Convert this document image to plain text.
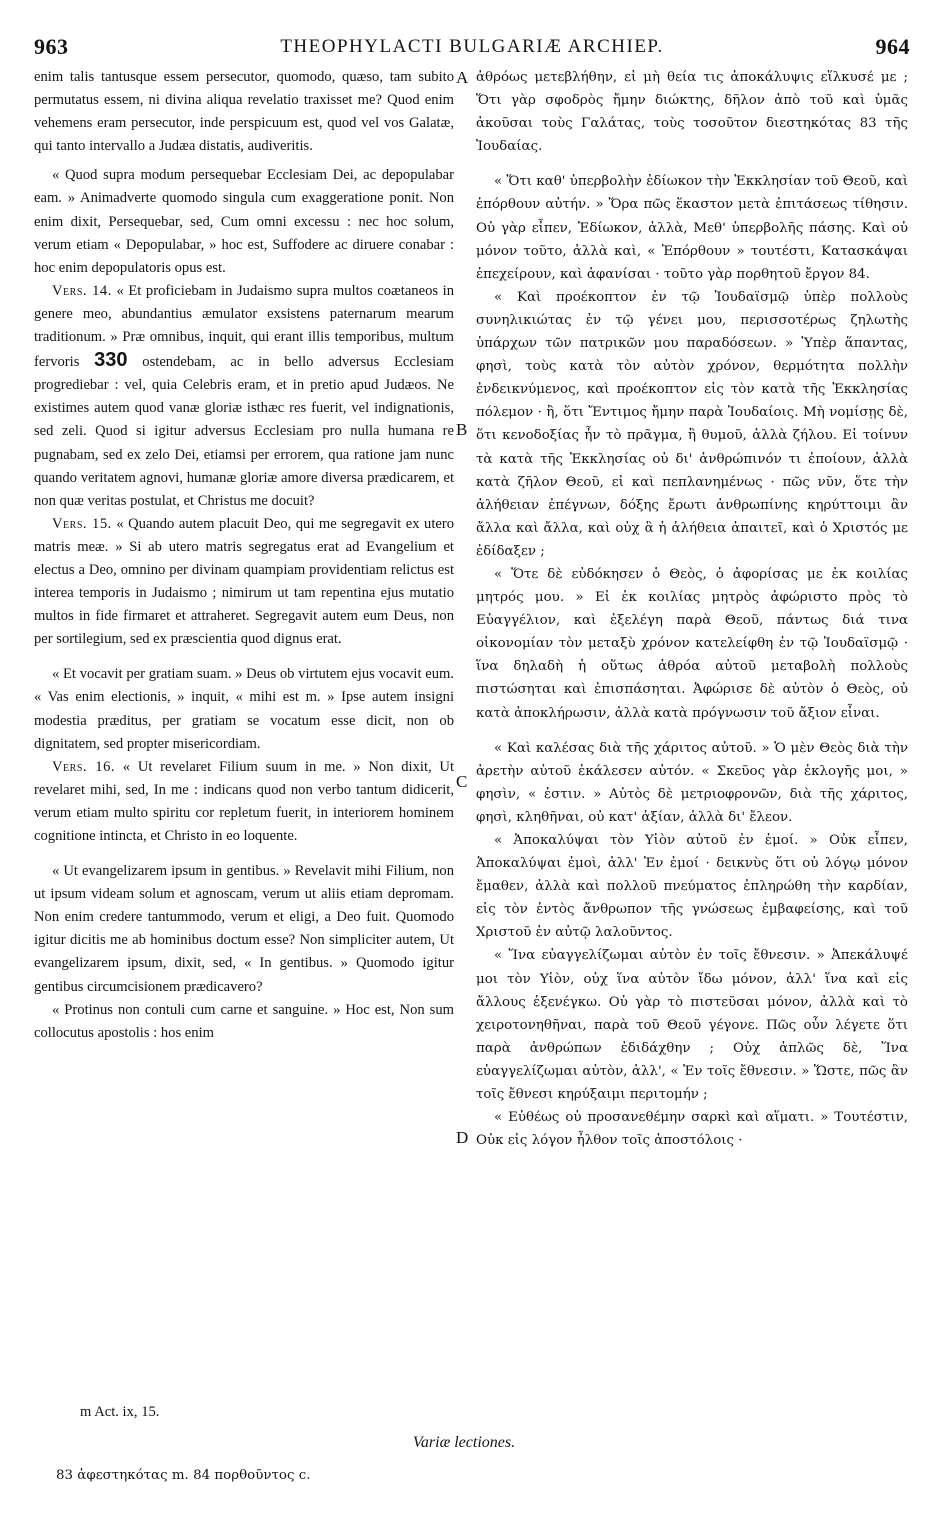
963	THEOPHYLACTI BULGARIÆ ARCHIEP.	964

enim talis tantusque essem persecutor, quomodo, quæso, tam subito permutatus essem, ni divina aliqua revelatio traxisset me? Quod enim vehemens eram persecutor, inde perspicuum est, quod vel vos Galatæ, qui tanto intervallo a Judæa distatis, audiveritis.

« Quod supra modum persequebar Ecclesiam Dei, ac depopulabar eam. » Animadverte quomodo singula cum exaggeratione ponit. Non enim dixit, Persequebar, sed, Cum omni excessu : nec hoc solum, verum etiam « Depopulabar, » hoc est, Suffodere ac diruere conabar : hoc enim depopulatoris opus est.

Vers. 14. « Et proficiebam in Judaismo supra multos coætaneos in genere meo, abundantius æmulator exsistens paternarum mearum traditionum. » Præ omnibus, inquit, qui erant illis temporibus, multum fervoris 330 ostendebam, ac in bello adversus Ecclesiam progrediebar : vel, quia Celebris eram, et in pretio apud Judæos. Ne existimes autem quod vanæ gloriæ isthæc res fuerit, vel indignationis, sed zeli. Quod si igitur adversus Ecclesiam pro nulla humana re pugnabam, sed ex zelo Dei, etiamsi per errorem, qua ratione jam nunc quando veritatem agnovi, humanæ gloriæ amore diversa prædicarem, et non quæ veritas postulat, et Christus me docuit?

Vers. 15. « Quando autem placuit Deo, qui me segregavit ex utero matris meæ. » Si ab utero matris segregatus erat ad Evangelium et electus a Deo, omnino per divinam quampiam providentiam relictus est interea temporis in Judaismo ; nimirum ut tam repentina ejus mutatio multos in fide firmaret et attraheret. Segregavit autem eum Deus, non per sortilegium, sed ex præscientia quod dignus erat.

« Et vocavit per gratiam suam. » Deus ob virtutem ejus vocavit eum. « Vas enim electionis, » inquit, « mihi est m. » Ipse autem insigni modestia præditus, per gratiam se vocatum esse dicit, non ob dignitatem, sed propter misericordiam.

Vers. 16. « Ut revelaret Filium suum in me. » Non dixit, Ut revelaret mihi, sed, In me : indicans quod non verbo tantum didicerit, verum etiam multo spiritu cor repletum fuerit, in interiorem hominem cognitione intincta, et Christo in eo loquente.

« Ut evangelizarem ipsum in gentibus. » Revelavit mihi Filium, non ut ipsum videam solum et agnoscam, verum ut aliis etiam depromam. Non enim credere tantummodo, verum et eligi, a Deo fuit. Quomodo igitur dicitis me ab hominibus doctum esse? Non simpliciter autem, Ut evangelizarem ipsum, dixit, sed, « In gentibus. » Quomodo igitur gentibus circumcisionem prædicavero?

« Protinus non contuli cum carne et sanguine. » Hoc est, Non sum collocutus apostolis : hos enim

A
B
C
D

ἀθρόως μετεβλήθην, εἰ μὴ θεία τις ἀποκάλυψις εἵλκυσέ με ; Ὅτι γὰρ σφοδρὸς ἤμην διώκτης, δῆλον ἀπὸ τοῦ καὶ ὑμᾶς ἀκοῦσαι τοὺς Γαλάτας, τοὺς τοσοῦτον διεστηκότας 83 τῆς Ἰουδαίας.

« Ὅτι καθ' ὑπερβολὴν ἐδίωκον τὴν Ἐκκλησίαν τοῦ Θεοῦ, καὶ ἐπόρθουν αὐτήν. » Ὅρα πῶς ἕκαστον μετὰ ἐπιτάσεως τίθησιν. Οὐ γὰρ εἶπεν, Ἐδίωκον, ἀλλὰ, Μεθ' ὑπερβολῆς πάσης. Καὶ οὐ μόνον τοῦτο, ἀλλὰ καὶ, « Ἐπόρθουν » τουτέστι, Κατασκάψαι ἐπεχείρουν, καὶ ἀφανίσαι · τοῦτο γὰρ πορθητοῦ ἔργον 84.

« Καὶ προέκοπτον ἐν τῷ Ἰουδαϊσμῷ ὑπὲρ πολλοὺς συνηλικιώτας ἐν τῷ γένει μου, περισσοτέρως ζηλωτὴς ὑπάρχων τῶν πατρικῶν μου παραδόσεων. » Ὑπὲρ ἅπαντας, φησὶ, τοὺς κατὰ τὸν αὐτὸν χρόνον, θερμότητα πολλὴν ἐνδεικνύμενος, καὶ προέκοπτον εἰς τὸν κατὰ τῆς Ἐκκλησίας πόλεμον · ἢ, ὅτι Ἔντιμος ἤμην παρὰ Ἰουδαίοις. Μὴ νομίσῃς δὲ, ὅτι κενοδοξίας ἦν τὸ πρᾶγμα, ἢ θυμοῦ, ἀλλὰ ζήλου. Εἰ τοίνυν τὰ κατὰ τῆς Ἐκκλησίας οὐ δι' ἀνθρώπινόν τι ἐποίουν, ἀλλὰ κατὰ ζῆλον Θεοῦ, εἰ καὶ πεπλανημένως · πῶς νῦν, ὅτε τὴν ἀλήθειαν ἐπέγνων, δόξης ἔρωτι ἀνθρωπίνης κηρύττοιμι ἂν ἄλλα καὶ ἄλλα, καὶ οὐχ ἃ ἡ ἀλήθεια ἀπαιτεῖ, καὶ ὁ Χριστός με ἐδίδαξεν ;

« Ὅτε δὲ εὐδόκησεν ὁ Θεὸς, ὁ ἀφορίσας με ἐκ κοιλίας μητρός μου. » Εἰ ἐκ κοιλίας μητρὸς ἀφώριστο πρὸς τὸ Εὐαγγέλιον, καὶ ἐξελέγη παρὰ Θεοῦ, πάντως διά τινα οἰκονομίαν τὸν μεταξὺ χρόνον κατελείφθη ἐν τῷ Ἰουδαϊσμῷ · ἵνα δηλαδὴ ἡ οὕτως ἀθρόα αὐτοῦ μεταβολὴ πολλοὺς πιστώσηται καὶ ἐπισπάσηται. Ἀφώρισε δὲ αὐτὸν ὁ Θεὸς, οὐ κατὰ ἀποκλήρωσιν, ἀλλὰ κατὰ πρόγνωσιν τοῦ ἄξιον εἶναι.

« Καὶ καλέσας διὰ τῆς χάριτος αὐτοῦ. » Ὁ μὲν Θεὸς διὰ τὴν ἀρετὴν αὐτοῦ ἐκάλεσεν αὐτόν. « Σκεῦος γὰρ ἐκλογῆς μοι, » φησὶν, « ἐστιν. » Αὐτὸς δὲ μετριοφρονῶν, διὰ τῆς χάριτος, φησὶ, κληθῆναι, οὐ κατ' ἀξίαν, ἀλλὰ δι' ἔλεον.

« Ἀποκαλύψαι τὸν Υἱὸν αὐτοῦ ἐν ἐμοί. » Οὐκ εἶπεν, Ἀποκαλύψαι ἐμοὶ, ἀλλ' Ἐν ἐμοί · δεικνὺς ὅτι οὐ λόγῳ μόνον ἔμαθεν, ἀλλὰ καὶ πολλοῦ πνεύματος ἐπληρώθη τὴν καρδίαν, εἰς τὸν ἐντὸς ἄνθρωπον τῆς γνώσεως ἐμβαφείσης, καὶ τοῦ Χριστοῦ ἐν αὐτῷ λαλοῦντος.

« Ἵνα εὐαγγελίζωμαι αὐτὸν ἐν τοῖς ἔθνεσιν. » Ἀπεκάλυψέ μοι τὸν Υἱὸν, οὐχ ἵνα αὐτὸν ἴδω μόνον, ἀλλ' ἵνα καὶ εἰς ἄλλους ἐξενέγκω. Οὐ γὰρ τὸ πιστεῦσαι μόνον, ἀλλὰ καὶ τὸ χειροτονηθῆναι, παρὰ τοῦ Θεοῦ γέγονε. Πῶς οὖν λέγετε ὅτι παρὰ ἀνθρώπων ἐδιδάχθην ; Οὐχ ἁπλῶς δὲ, Ἵνα εὐαγγελίζωμαι αὐτὸν, ἀλλ', « Ἐν τοῖς ἔθνεσιν. » Ὥστε, πῶς ἂν τοῖς ἔθνεσι κηρύξαιμι περιτομήν ;

« Εὐθέως οὐ προσανεθέμην σαρκὶ καὶ αἵματι. » Τουτέστιν, Οὐκ εἰς λόγον ἦλθον τοῖς ἀποστόλοις ·

m Act. ix, 15.
Variæ lectiones.
83 ἀφεστηκότας m. 84 πορθοῦντος c.
